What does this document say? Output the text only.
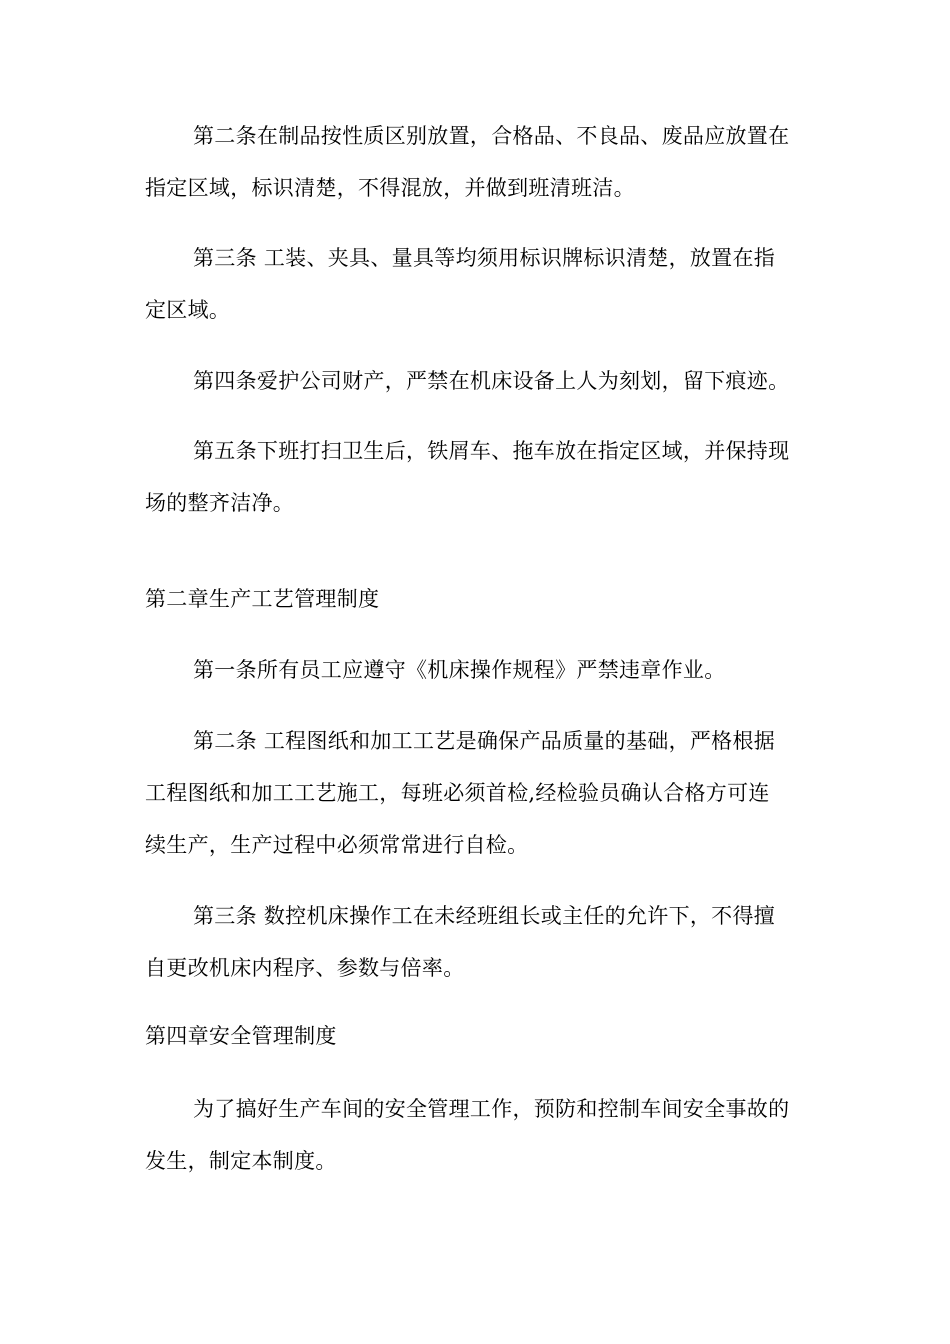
第二条在制品按性质区别放置，合格品、不良品、废品应放置在
指定区域，标识清楚，不得混放，并做到班清班洁。
第三条 工装、夹具、量具等均须用标识牌标识清楚，放置在指
定区域。
第四条爱护公司财产，严禁在机床设备上人为刻划，留下痕迹。
第五条下班打扫卫生后，铁屑车、拖车放在指定区域，并保持现
场的整齐洁净。
第二章生产工艺管理制度
第一条所有员工应遵守《机床操作规程》严禁违章作业。
第二条 工程图纸和加工工艺是确保产品质量的基础，严格根据
工程图纸和加工工艺施工，每班必须首检,经检验员确认合格方可连
续生产，生产过程中必须常常进行自检。
第三条 数控机床操作工在未经班组长或主任的允许下，不得擅
自更改机床内程序、参数与倍率。
第四章安全管理制度
为了搞好生产车间的安全管理工作，预防和控制车间安全事故的
发生，制定本制度。
